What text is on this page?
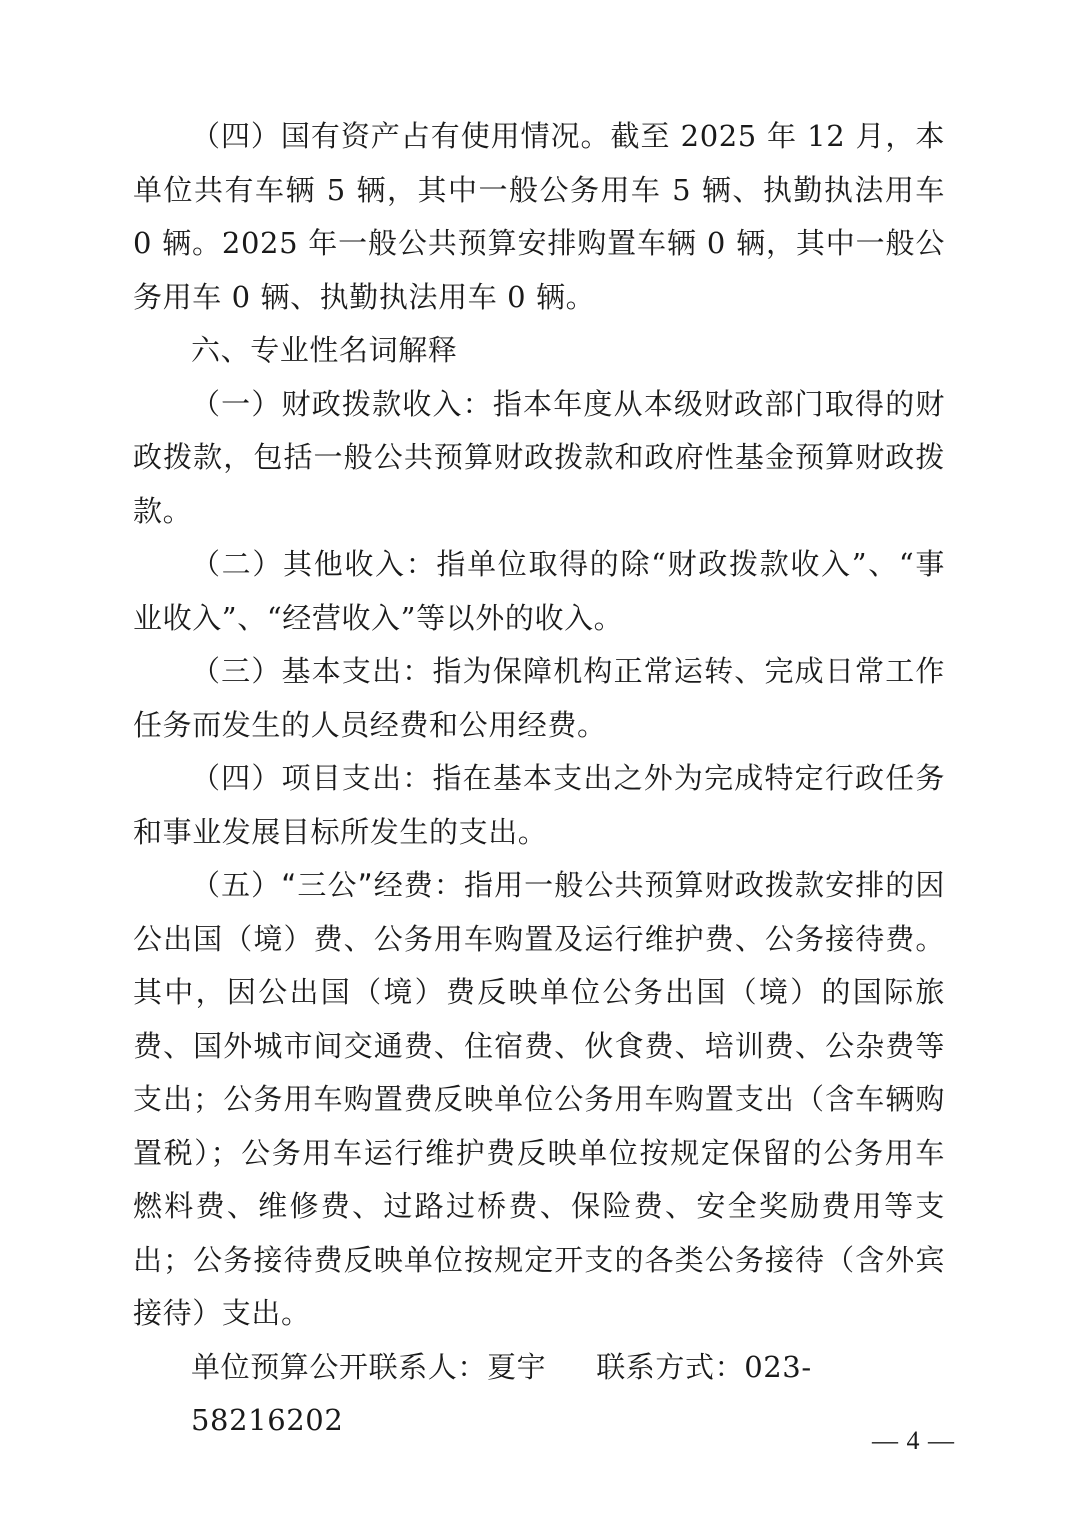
（四）国有资产占有使用情况。截至 2025 年 12 月，本单位共有车辆 5 辆，其中一般公务用车 5 辆、执勤执法用车 0 辆。2025 年一般公共预算安排购置车辆 0 辆，其中一般公务用车 0 辆、执勤执法用车 0 辆。

六、专业性名词解释

（一）财政拨款收入：指本年度从本级财政部门取得的财政拨款，包括一般公共预算财政拨款和政府性基金预算财政拨款。

（二）其他收入：指单位取得的除“财政拨款收入”、“事业收入”、“经营收入”等以外的收入。

（三）基本支出：指为保障机构正常运转、完成日常工作任务而发生的人员经费和公用经费。

（四）项目支出：指在基本支出之外为完成特定行政任务和事业发展目标所发生的支出。

（五）“三公”经费：指用一般公共预算财政拨款安排的因公出国（境）费、公务用车购置及运行维护费、公务接待费。其中，因公出国（境）费反映单位公务出国（境）的国际旅费、国外城市间交通费、住宿费、伙食费、培训费、公杂费等支出；公务用车购置费反映单位公务用车购置支出（含车辆购置税）；公务用车运行维护费反映单位按规定保留的公务用车燃料费、维修费、过路过桥费、保险费、安全奖励费用等支出；公务接待费反映单位按规定开支的各类公务接待（含外宾接待）支出。

单位预算公开联系人：夏宇 联系方式：023-58216202

— 4 —
